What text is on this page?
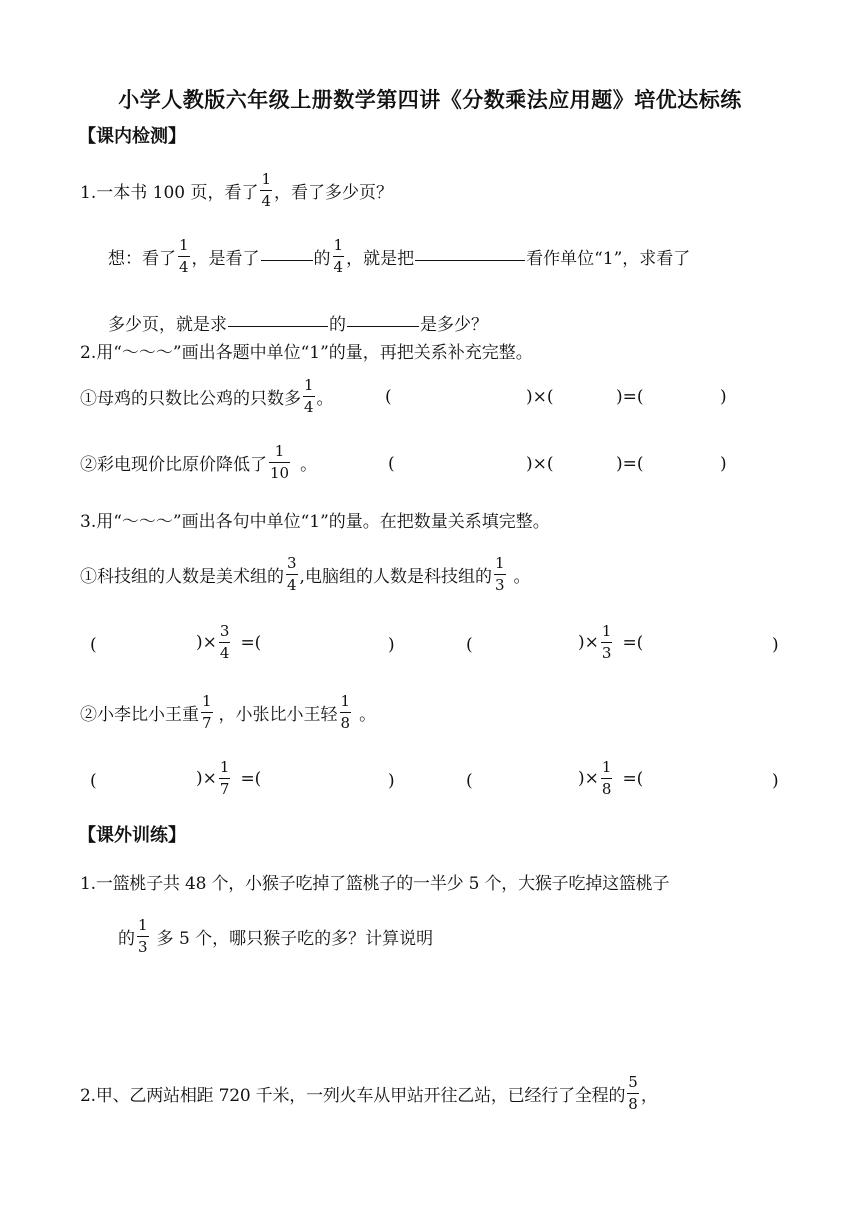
小学人教版六年级上册数学第四讲《分数乘法应用题》培优达标练
【课内检测】
1.一本书 100 页，看了 $\frac{1}{4}$ ，看了多少页？
想：看了 $\frac{1}{4}$ ，是看了	的 $\frac{1}{4}$ ，就是把	看作单位“1”，求看了
多少页，就是求	的	是多少？
2.用“～～～”画出各题中单位“1”的量，再把关系补充完整。
①母鸡的只数比公鸡的只数多 $\frac{1}{4}$ 。	(	)×(	)=(	)
②彩电现价比原价降低了 $\frac{1}{10}$ 。	(	)×(	)=(	)
3.用“～～～”画出各句中单位“1”的量。在把数量关系填完整。
①科技组的人数是美术组的 $\frac{3}{4}$ ,电脑组的人数是科技组的 $\frac{1}{3}$ 。
(	)× $\frac{3}{4}$ =(	)	(	)× $\frac{1}{3}$ =(	)
②小李比小王重 $\frac{1}{7}$ ，小张比小王轻 $\frac{1}{8}$ 。
(	)× $\frac{1}{7}$ =(	)	(	)× $\frac{1}{8}$ =(	)
【课外训练】
1.一篮桃子共 48 个，小猴子吃掉了篮桃子的一半少 5 个，大猴子吃掉这篮桃子
的 $\frac{1}{3}$ 多 5 个，哪只猴子吃的多？计算说明
2.甲、乙两站相距 720 千米，一列火车从甲站开往乙站，已经行了全程的 $\frac{5}{8}$ ，
